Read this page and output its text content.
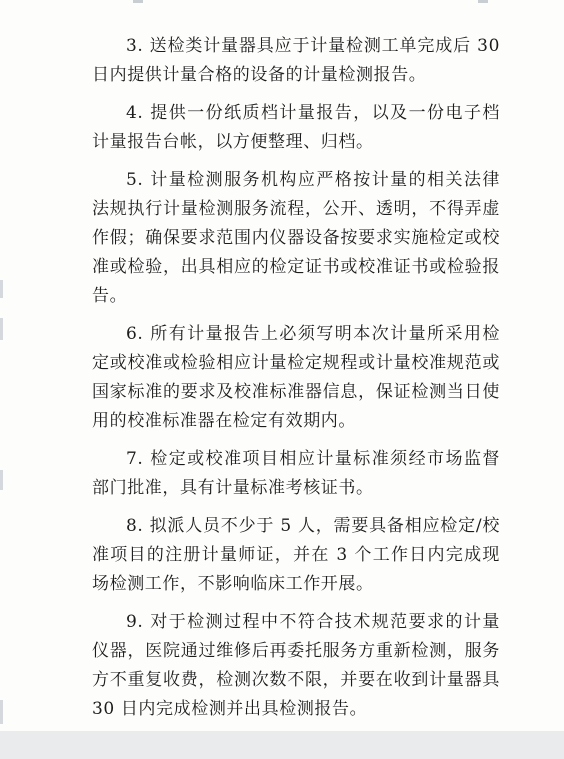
3. 送检类计量器具应于计量检测工单完成后 30 日内提供计量合格的设备的计量检测报告。

4. 提供一份纸质档计量报告，以及一份电子档计量报告台帐，以方便整理、归档。

5. 计量检测服务机构应严格按计量的相关法律法规执行计量检测服务流程，公开、透明，不得弄虚作假；确保要求范围内仪器设备按要求实施检定或校准或检验，出具相应的检定证书或校准证书或检验报告。

6. 所有计量报告上必须写明本次计量所采用检定或校准或检验相应计量检定规程或计量校准规范或国家标准的要求及校准标准器信息，保证检测当日使用的校准标准器在检定有效期内。

7. 检定或校准项目相应计量标准须经市场监督部门批准，具有计量标准考核证书。

8. 拟派人员不少于 5 人，需要具备相应检定/校准项目的注册计量师证，并在 3 个工作日内完成现场检测工作，不影响临床工作开展。

9. 对于检测过程中不符合技术规范要求的计量仪器，医院通过维修后再委托服务方重新检测，服务方不重复收费，检测次数不限，并要在收到计量器具 30 日内完成检测并出具检测报告。
